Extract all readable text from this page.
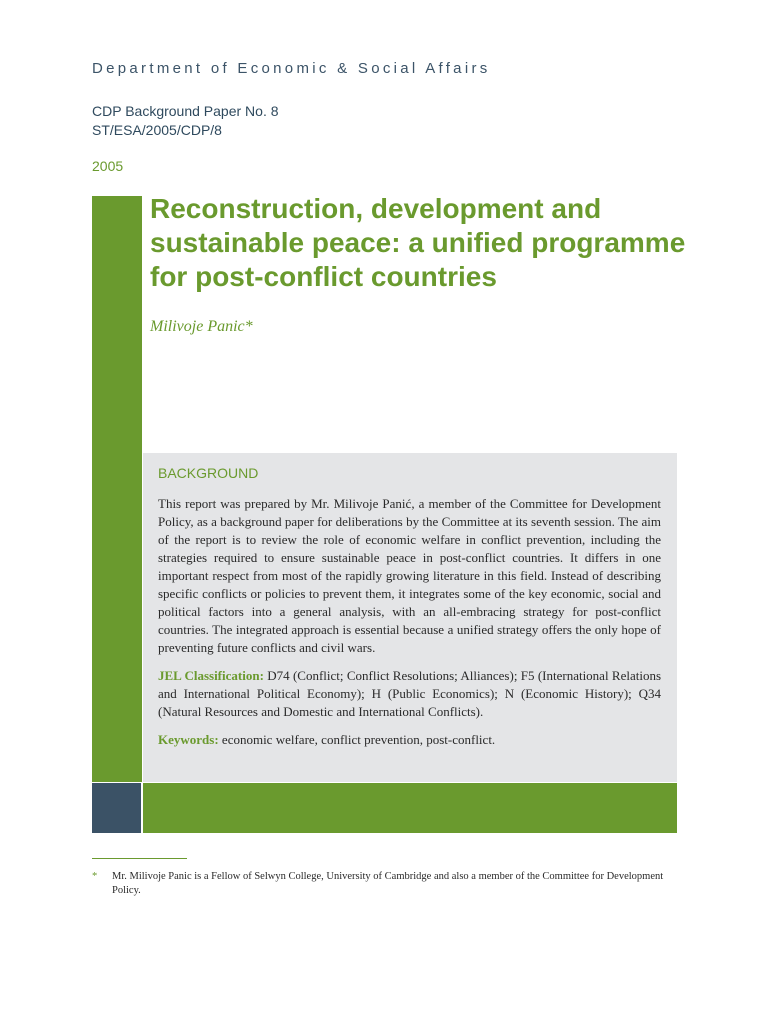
Department of Economic & Social Affairs
CDP Background Paper No. 8
ST/ESA/2005/CDP/8
2005
Reconstruction, development and sustainable peace: a unified programme for post-conflict countries
Milivoje Panic*
BACKGROUND

This report was prepared by Mr. Milivoje Panić, a member of the Committee for Development Policy, as a background paper for deliberations by the Committee at its seventh session. The aim of the report is to review the role of economic welfare in conflict prevention, including the strategies required to ensure sustainable peace in post-conflict countries. It differs in one important respect from most of the rapidly growing literature in this field. Instead of describing specific conflicts or policies to prevent them, it integrates some of the key economic, social and political factors into a general analysis, with an all-embracing strategy for post-conflict countries. The integrated approach is essential because a unified strategy offers the only hope of preventing future conflicts and civil wars.

JEL Classification: D74 (Conflict; Conflict Resolutions; Alliances); F5 (International Relations and International Political Economy); H (Public Economics); N (Economic History); Q34 (Natural Resources and Domestic and International Conflicts).

Keywords: economic welfare, conflict prevention, post-conflict.

* Mr. Milivoje Panic is a Fellow of Selwyn College, University of Cambridge and also a member of the Committee for Development Policy.
